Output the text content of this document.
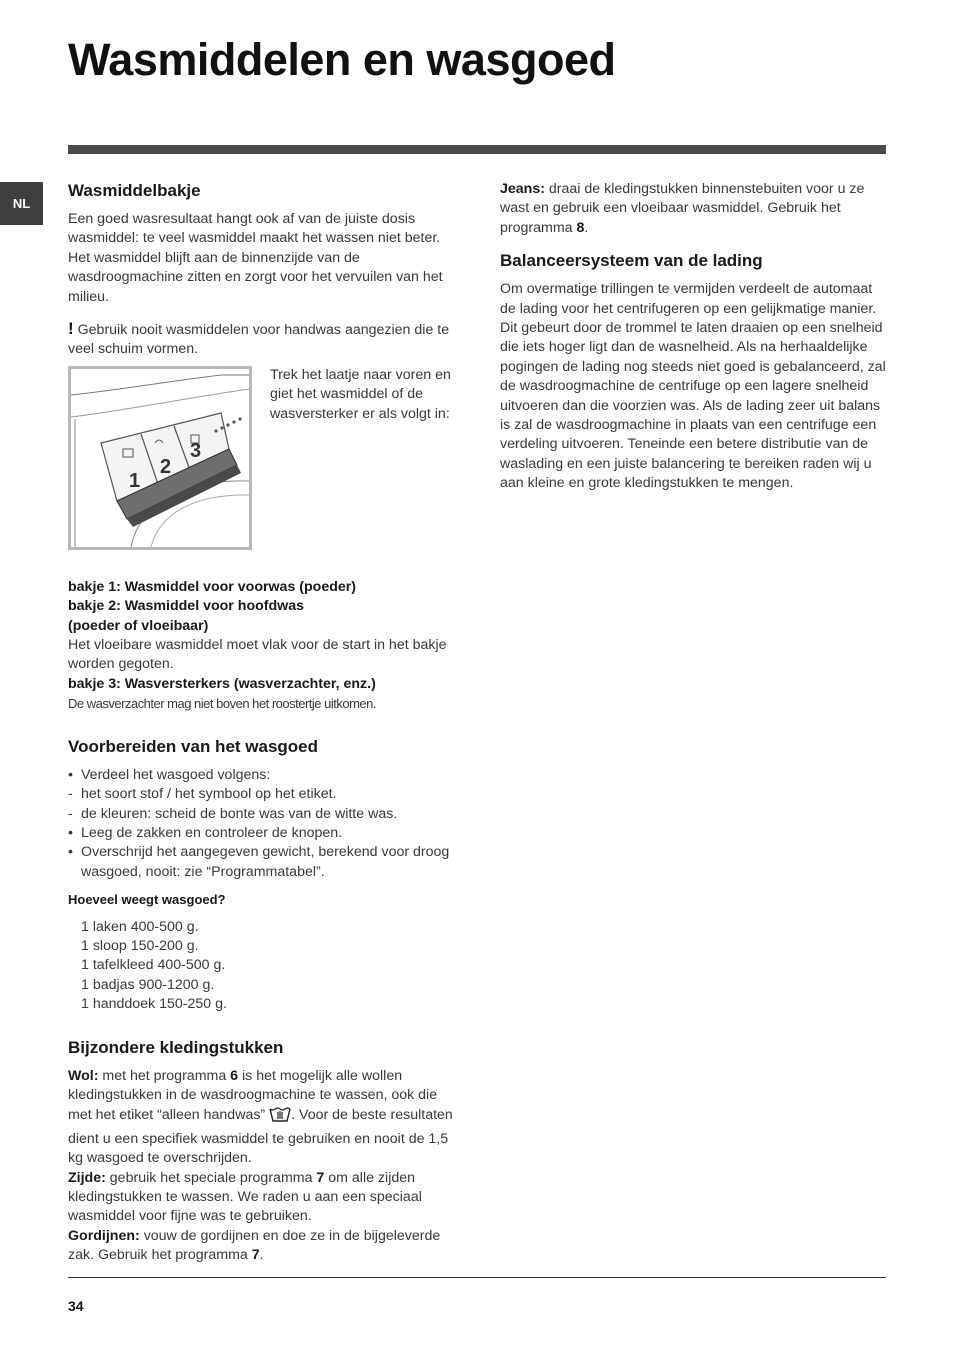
Wasmiddelen en wasgoed
NL
Wasmiddelbakje

Een goed wasresultaat hangt ook af van de juiste dosis wasmiddel: te veel wasmiddel maakt het wassen niet beter. Het wasmiddel blijft aan de binnenzijde van de wasdroogmachine zitten en zorgt voor het vervuilen van het milieu.

! Gebruik nooit wasmiddelen voor handwas aangezien die te veel schuim vormen.

1
2
3

Trek het laatje naar voren en giet het wasmiddel of de wasversterker er als volgt in:

bakje 1: Wasmiddel voor voorwas (poeder)

bakje 2: Wasmiddel voor hoofdwas

(poeder of vloeibaar)

Het vloeibare wasmiddel moet vlak voor de start in het bakje worden gegoten.

bakje 3: Wasversterkers (wasverzachter, enz.)

De wasverzachter mag niet boven het roostertje uitkomen.

Voorbereiden van het wasgoed
• Verdeel het wasgoed volgens:
- het soort stof / het symbool op het etiket.
- de kleuren: scheid de bonte was van de witte was.
• Leeg de zakken en controleer de knopen.
• Overschrijd het aangegeven gewicht, berekend voor droog wasgoed, nooit: zie “Programmatabel”.

Hoeveel weegt wasgoed?

1 laken 400-500 g.

1 sloop 150-200 g.

1 tafelkleed 400-500 g.

1 badjas 900-1200 g.

1 handdoek 150-250 g.

Bijzondere kledingstukken

Wol: met het programma 6 is het mogelijk alle wollen kledingstukken in de wasdroogmachine te wassen, ook die met het etiket “alleen handwas” . Voor de beste resultaten dient u een specifiek wasmiddel te gebruiken en nooit de 1,5 kg wasgoed te overschrijden.

Zijde: gebruik het speciale programma 7 om alle zijden kledingstukken te wassen. We raden u aan een speciaal wasmiddel voor fijne was te gebruiken.

Gordijnen: vouw de gordijnen en doe ze in de bijgeleverde zak. Gebruik het programma 7.

Jeans: draai de kledingstukken binnenstebuiten voor u ze wast en gebruik een vloeibaar wasmiddel. Gebruik het programma 8.

Balanceersysteem van de lading

Om overmatige trillingen te vermijden verdeelt de automaat de lading voor het centrifugeren op een gelijkmatige manier. Dit gebeurt door de trommel te laten draaien op een snelheid die iets hoger ligt dan de wasnelheid. Als na herhaaldelijke pogingen de lading nog steeds niet goed is gebalanceerd, zal de wasdroogmachine de centrifuge op een lagere snelheid uitvoeren dan die voorzien was. Als de lading zeer uit balans is zal de wasdroogmachine in plaats van een centrifuge een verdeling uitvoeren. Teneinde een betere distributie van de waslading en een juiste balancering te bereiken raden wij u aan kleine en grote kledingstukken te mengen.

34
